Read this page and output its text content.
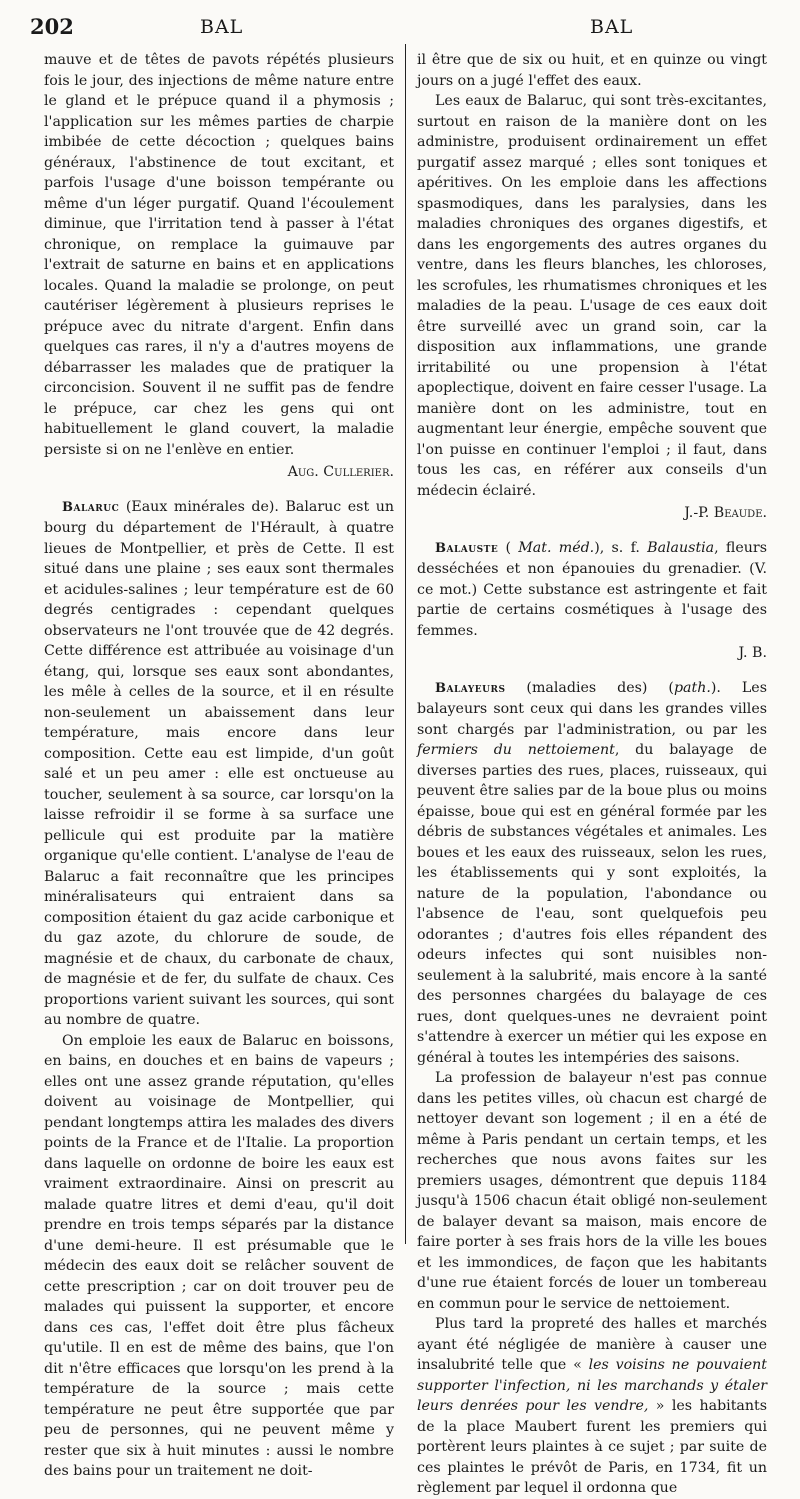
202	BAL	BAL

mauve et de têtes de pavots répétés plusieurs fois le jour, des injections de même nature entre le gland et le prépuce quand il a phymosis ; l'application sur les mêmes parties de charpie imbibée de cette décoction ; quelques bains généraux, l'abstinence de tout excitant, et parfois l'usage d'une boisson tempérante ou même d'un léger purgatif. Quand l'écoulement diminue, que l'irritation tend à passer à l'état chronique, on remplace la guimauve par l'extrait de saturne en bains et en applications locales. Quand la maladie se prolonge, on peut cautériser légèrement à plusieurs reprises le prépuce avec du nitrate d'argent. Enfin dans quelques cas rares, il n'y a d'autres moyens de débarrasser les malades que de pratiquer la circoncision. Souvent il ne suffit pas de fendre le prépuce, car chez les gens qui ont habituellement le gland couvert, la maladie persiste si on ne l'enlève en entier.

Aug. Cullerier.

Balaruc (Eaux minérales de). Balaruc est un bourg du département de l'Hérault, à quatre lieues de Montpellier, et près de Cette. Il est situé dans une plaine ; ses eaux sont thermales et acidules-salines ; leur température est de 60 degrés centigrades : cependant quelques observateurs ne l'ont trouvée que de 42 degrés. Cette différence est attribuée au voisinage d'un étang, qui, lorsque ses eaux sont abondantes, les mêle à celles de la source, et il en résulte non-seulement un abaissement dans leur température, mais encore dans leur composition. Cette eau est limpide, d'un goût salé et un peu amer : elle est onctueuse au toucher, seulement à sa source, car lorsqu'on la laisse refroidir il se forme à sa surface une pellicule qui est produite par la matière organique qu'elle contient. L'analyse de l'eau de Balaruc a fait reconnaître que les principes minéralisateurs qui entraient dans sa composition étaient du gaz acide carbonique et du gaz azote, du chlorure de soude, de magnésie et de chaux, du carbonate de chaux, de magnésie et de fer, du sulfate de chaux. Ces proportions varient suivant les sources, qui sont au nombre de quatre.

On emploie les eaux de Balaruc en boissons, en bains, en douches et en bains de vapeurs ; elles ont une assez grande réputation, qu'elles doivent au voisinage de Montpellier, qui pendant longtemps attira les malades des divers points de la France et de l'Italie. La proportion dans laquelle on ordonne de boire les eaux est vraiment extraordinaire. Ainsi on prescrit au malade quatre litres et demi d'eau, qu'il doit prendre en trois temps séparés par la distance d'une demi-heure. Il est présumable que le médecin des eaux doit se relâcher souvent de cette prescription ; car on doit trouver peu de malades qui puissent la supporter, et encore dans ces cas, l'effet doit être plus fâcheux qu'utile. Il en est de même des bains, que l'on dit n'être efficaces que lorsqu'on les prend à la température de la source ; mais cette température ne peut être supportée que par peu de personnes, qui ne peuvent même y rester que six à huit minutes : aussi le nombre des bains pour un traitement ne doit-

il être que de six ou huit, et en quinze ou vingt jours on a jugé l'effet des eaux.

Les eaux de Balaruc, qui sont très-excitantes, surtout en raison de la manière dont on les administre, produisent ordinairement un effet purgatif assez marqué ; elles sont toniques et apéritives. On les emploie dans les affections spasmodiques, dans les paralysies, dans les maladies chroniques des organes digestifs, et dans les engorgements des autres organes du ventre, dans les fleurs blanches, les chloroses, les scrofules, les rhumatismes chroniques et les maladies de la peau. L'usage de ces eaux doit être surveillé avec un grand soin, car la disposition aux inflammations, une grande irritabilité ou une propension à l'état apoplectique, doivent en faire cesser l'usage. La manière dont on les administre, tout en augmentant leur énergie, empêche souvent que l'on puisse en continuer l'emploi ; il faut, dans tous les cas, en référer aux conseils d'un médecin éclairé.

J.-P. Beaude.

Balauste ( Mat. méd.), s. f. Balaustia, fleurs desséchées et non épanouies du grenadier. (V. ce mot.) Cette substance est astringente et fait partie de certains cosmétiques à l'usage des femmes.

J. B.

Balayeurs (maladies des) (path.). Les balayeurs sont ceux qui dans les grandes villes sont chargés par l'administration, ou par les fermiers du nettoiement, du balayage de diverses parties des rues, places, ruisseaux, qui peuvent être salies par de la boue plus ou moins épaisse, boue qui est en général formée par les débris de substances végétales et animales. Les boues et les eaux des ruisseaux, selon les rues, les établissements qui y sont exploités, la nature de la population, l'abondance ou l'absence de l'eau, sont quelquefois peu odorantes ; d'autres fois elles répandent des odeurs infectes qui sont nuisibles non-seulement à la salubrité, mais encore à la santé des personnes chargées du balayage de ces rues, dont quelques-unes ne devraient point s'attendre à exercer un métier qui les expose en général à toutes les intempéries des saisons.

La profession de balayeur n'est pas connue dans les petites villes, où chacun est chargé de nettoyer devant son logement ; il en a été de même à Paris pendant un certain temps, et les recherches que nous avons faites sur les premiers usages, démontrent que depuis 1184 jusqu'à 1506 chacun était obligé non-seulement de balayer devant sa maison, mais encore de faire porter à ses frais hors de la ville les boues et les immondices, de façon que les habitants d'une rue étaient forcés de louer un tombereau en commun pour le service de nettoiement.

Plus tard la propreté des halles et marchés ayant été négligée de manière à causer une insalubrité telle que « les voisins ne pouvaient supporter l'infection, ni les marchands y étaler leurs denrées pour les vendre, » les habitants de la place Maubert furent les premiers qui portèrent leurs plaintes à ce sujet ; par suite de ces plaintes le prévôt de Paris, en 1734, fit un règlement par lequel il ordonna que
